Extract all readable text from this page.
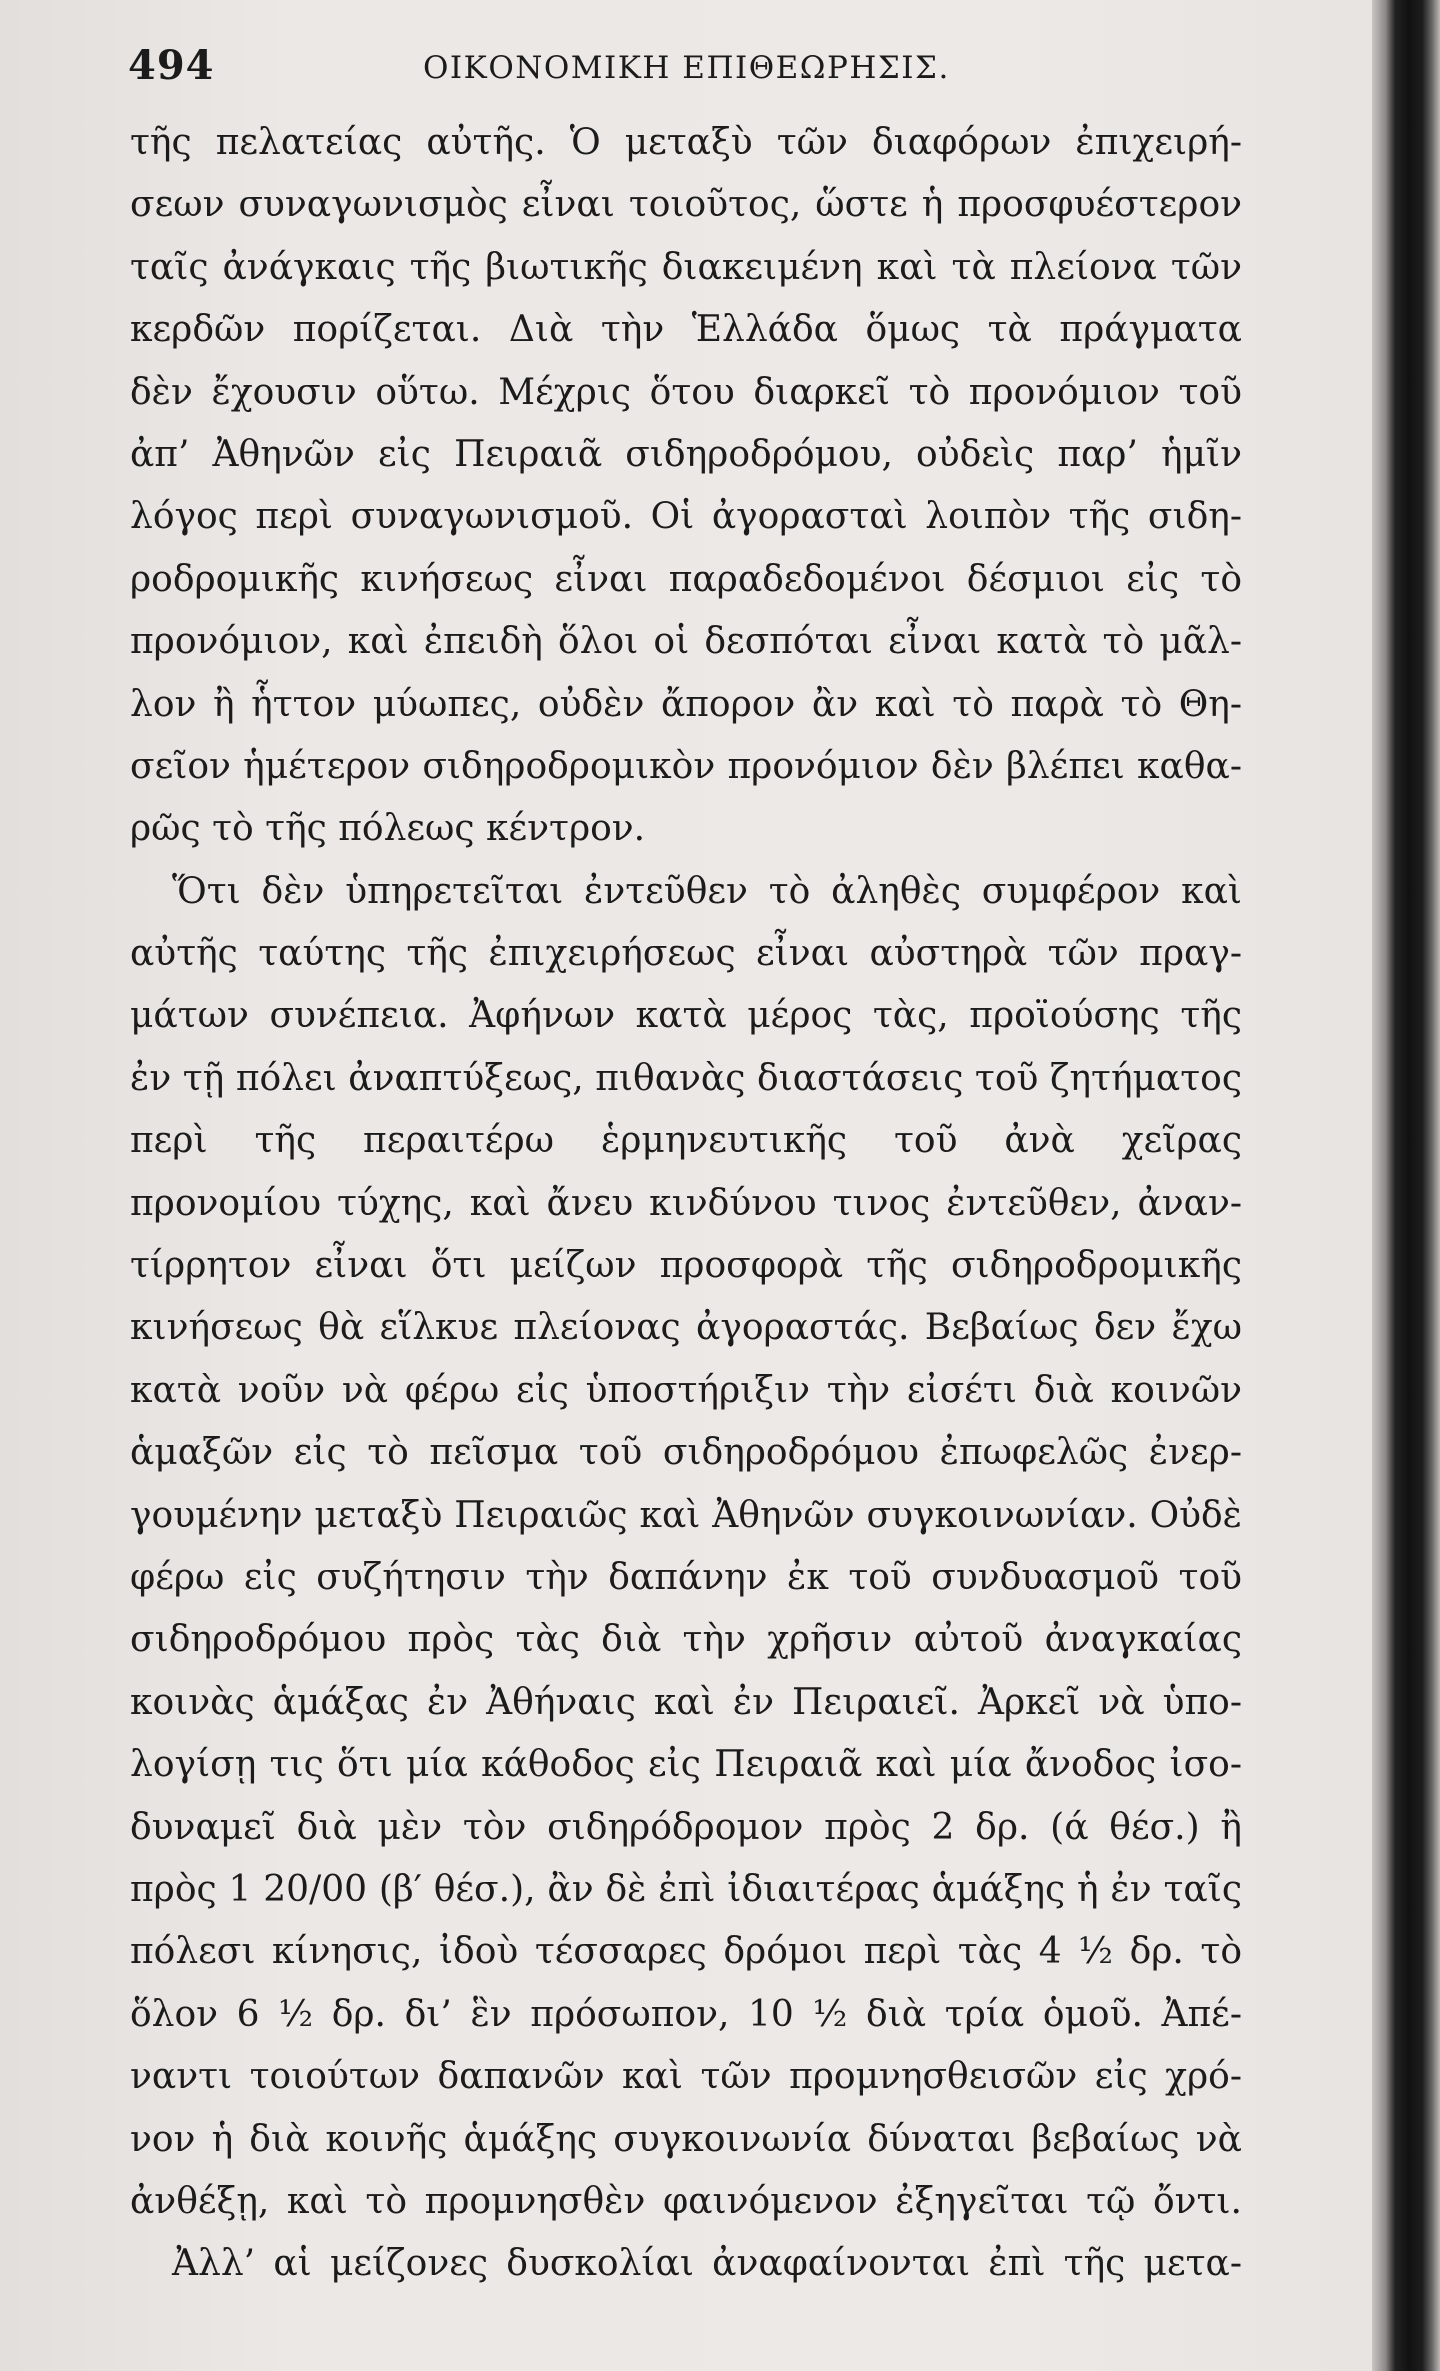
494	ΟΙΚΟΝΟΜΙΚΗ ΕΠΙΘΕΩΡΗΣΙΣ.
τῆς πελατείας αὐτῆς. Ὁ μεταξὺ τῶν διαφόρων ἐπιχειρή-
σεων συναγωνισμὸς εἶναι τοιοῦτος, ὥστε ἡ προσφυέστερον
ταῖς ἀνάγκαις τῆς βιωτικῆς διακειμένη καὶ τὰ πλείονα τῶν
κερδῶν πορίζεται. Διὰ τὴν Ἑλλάδα ὅμως τὰ πράγματα
δὲν ἔχουσιν οὕτω. Μέχρις ὅτου διαρκεῖ τὸ προνόμιον τοῦ
ἀπ’ Ἀθηνῶν εἰς Πειραιᾶ σιδηροδρόμου, οὐδεὶς παρ’ ἡμῖν
λόγος περὶ συναγωνισμοῦ. Οἱ ἀγορασταὶ λοιπὸν τῆς σιδη-
ροδρομικῆς κινήσεως εἶναι παραδεδομένοι δέσμιοι εἰς τὸ
προνόμιον, καὶ ἐπειδὴ ὅλοι οἱ δεσπόται εἶναι κατὰ τὸ μᾶλ-
λον ἢ ἧττον μύωπες, οὐδὲν ἄπορον ἂν καὶ τὸ παρὰ τὸ Θη-
σεῖον ἡμέτερον σιδηροδρομικὸν προνόμιον δὲν βλέπει καθα-
ρῶς τὸ τῆς πόλεως κέντρον.
Ὅτι δὲν ὑπηρετεῖται ἐντεῦθεν τὸ ἀληθὲς συμφέρον καὶ
αὐτῆς ταύτης τῆς ἐπιχειρήσεως εἶναι αὐστηρὰ τῶν πραγ-
μάτων συνέπεια. Ἀφήνων κατὰ μέρος τὰς, προϊούσης τῆς
ἐν τῇ πόλει ἀναπτύξεως, πιθανὰς διαστάσεις τοῦ ζητήματος
περὶ τῆς περαιτέρω ἑρμηνευτικῆς τοῦ ἀνὰ χεῖρας
προνομίου τύχης, καὶ ἄνευ κινδύνου τινος ἐντεῦθεν, ἀναν-
τίρρητον εἶναι ὅτι μείζων προσφορὰ τῆς σιδηροδρομικῆς
κινήσεως θὰ εἵλκυε πλείονας ἀγοραστάς. Βεβαίως δεν ἔχω
κατὰ νοῦν νὰ φέρω εἰς ὑποστήριξιν τὴν εἰσέτι διὰ κοινῶν
ἁμαξῶν εἰς τὸ πεῖσμα τοῦ σιδηροδρόμου ἐπωφελῶς ἐνερ-
γουμένην μεταξὺ Πειραιῶς καὶ Ἀθηνῶν συγκοινωνίαν. Οὐδὲ
φέρω εἰς συζήτησιν τὴν δαπάνην ἐκ τοῦ συνδυασμοῦ τοῦ
σιδηροδρόμου πρὸς τὰς διὰ τὴν χρῆσιν αὐτοῦ ἀναγκαίας
κοινὰς ἁμάξας ἐν Ἀθήναις καὶ ἐν Πειραιεῖ. Ἀρκεῖ νὰ ὑπο-
λογίσῃ τις ὅτι μία κάθοδος εἰς Πειραιᾶ καὶ μία ἄνοδος ἰσο-
δυναμεῖ διὰ μὲν τὸν σιδηρόδρομον πρὸς 2 δρ. (ά θέσ.) ἢ
πρὸς 1 20/00 (β′ θέσ.), ἂν δὲ ἐπὶ ἰδιαιτέρας ἁμάξης ἡ ἐν ταῖς
πόλεσι κίνησις, ἰδοὺ τέσσαρες δρόμοι περὶ τὰς 4 ½ δρ. τὸ
ὅλον 6 ½ δρ. δι’ ἓν πρόσωπον, 10 ½ διὰ τρία ὁμοῦ. Ἀπέ-
ναντι τοιούτων δαπανῶν καὶ τῶν προμνησθεισῶν εἰς χρό-
νον ἡ διὰ κοινῆς ἁμάξης συγκοινωνία δύναται βεβαίως νὰ
ἀνθέξῃ, καὶ τὸ προμνησθὲν φαινόμενον ἐξηγεῖται τῷ ὄντι.
Ἀλλ’ αἱ μείζονες δυσκολίαι ἀναφαίνονται ἐπὶ τῆς μετα-
